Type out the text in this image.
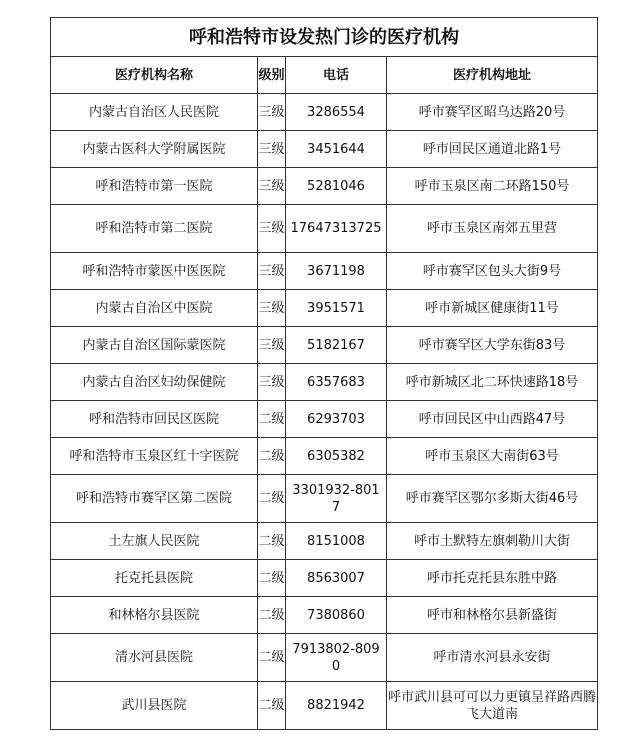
呼和浩特市设发热门诊的医疗机构			
医疗机构名称	级别	电话	医疗机构地址
内蒙古自治区人民医院	三级	3286554	呼市赛罕区昭乌达路20号
内蒙古医科大学附属医院	三级	3451644	呼市回民区通道北路1号
呼和浩特市第一医院	三级	5281046	呼市玉泉区南二环路150号
呼和浩特市第二医院	三级	17647313725	呼市玉泉区南郊五里营
呼和浩特市蒙医中医医院	三级	3671198	呼市赛罕区包头大街9号
内蒙古自治区中医院	三级	3951571	呼市新城区健康街11号
内蒙古自治区国际蒙医院	三级	5182167	呼市赛罕区大学东街83号
内蒙古自治区妇幼保健院	三级	6357683	呼市新城区北二环快速路18号
呼和浩特市回民区医院	二级	6293703	呼市回民区中山西路47号
呼和浩特市玉泉区红十字医院	二级	6305382	呼市玉泉区大南街63号
呼和浩特市赛罕区第二医院	二级	3301932-8017	呼市赛罕区鄂尔多斯大街46号
土左旗人民医院	二级	8151008	呼市土默特左旗刺勒川大街
托克托县医院	二级	8563007	呼市托克托县东胜中路
和林格尔县医院	二级	7380860	呼市和林格尔县新盛街
清水河县医院	二级	7913802-8090	呼市清水河县永安街
武川县医院	二级	8821942	呼市武川县可可以力更镇呈祥路西腾飞大道南
